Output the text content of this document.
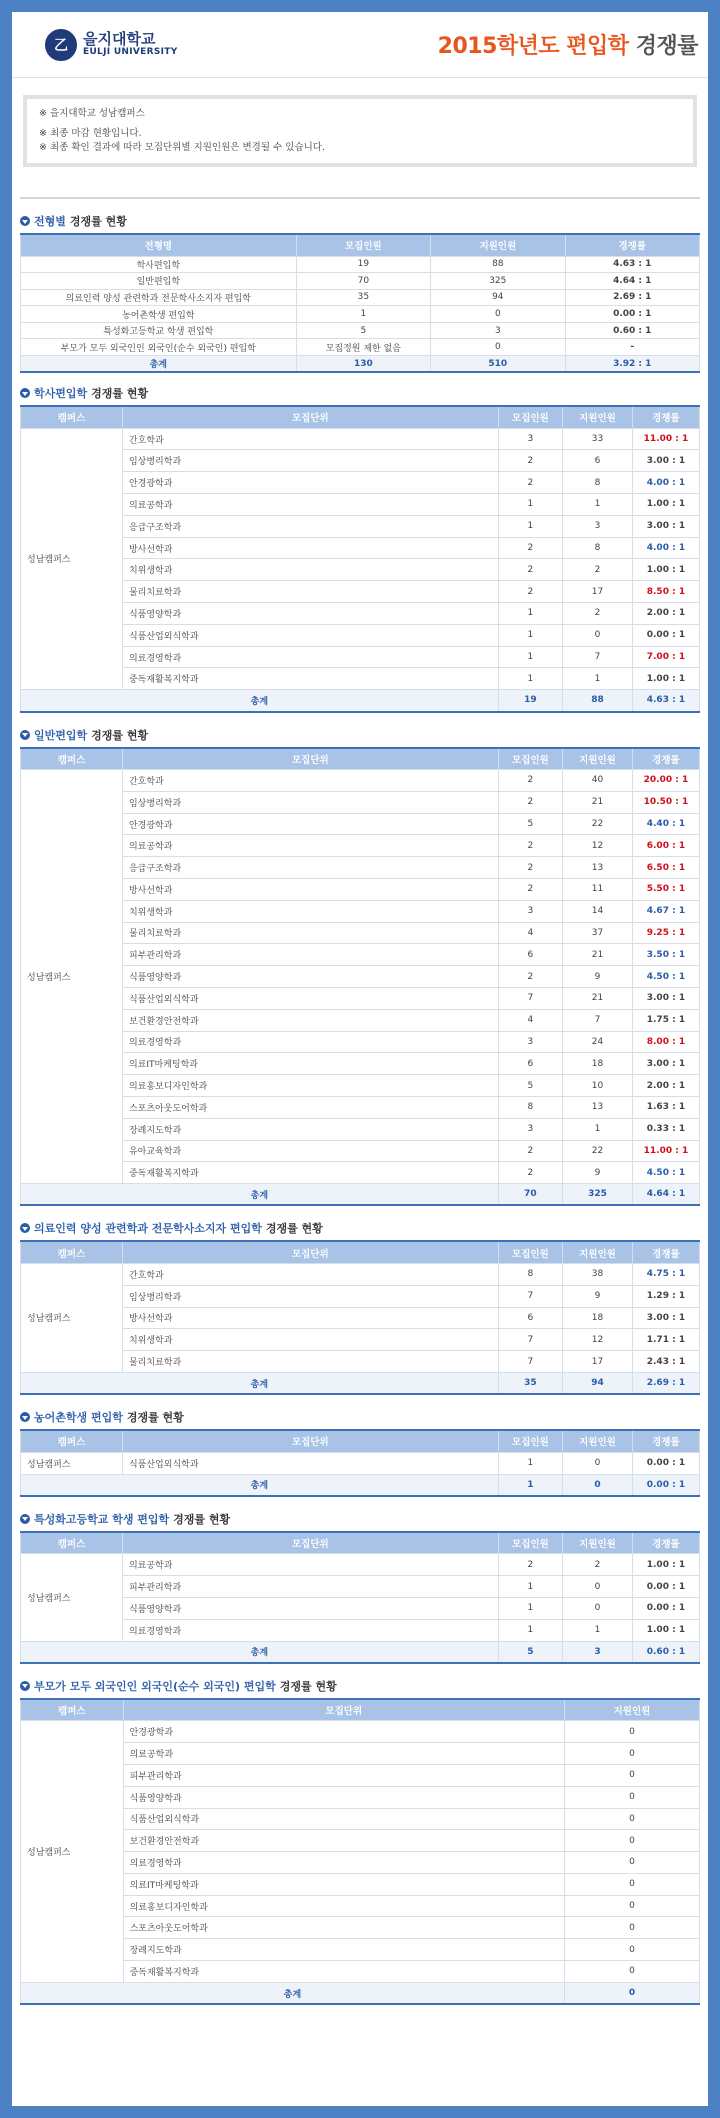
乙	을지대학교
EULJI UNIVERSITY	2015학년도 편입학 경쟁률

※ 을지대학교 성남캠퍼스

※ 최종 마감 현황입니다.

※ 최종 확인 결과에 따라 모집단위별 지원인원은 변경될 수 있습니다.

전형별 경쟁률 현황
전형명	모집인원	지원인원	경쟁률
학사편입학	19	88	4.63 : 1
일반편입학	70	325	4.64 : 1
의료인력 양성 관련학과 전문학사소지자 편입학	35	94	2.69 : 1
농어촌학생 편입학	1	0	0.00 : 1
특성화고등학교 학생 편입학	5	3	0.60 : 1
부모가 모두 외국인인 외국인(순수 외국인) 편입학	모집정원 제한 없음	0	-
총계	130	510	3.92 : 1
학사편입학 경쟁률 현황
캠퍼스	모집단위	모집인원	지원인원	경쟁률
성남캠퍼스	간호학과	3	33	11.00 : 1
	임상병리학과	2	6	3.00 : 1
	안경광학과	2	8	4.00 : 1
	의료공학과	1	1	1.00 : 1
	응급구조학과	1	3	3.00 : 1
	방사선학과	2	8	4.00 : 1
	치위생학과	2	2	1.00 : 1
	물리치료학과	2	17	8.50 : 1
	식품영양학과	1	2	2.00 : 1
	식품산업외식학과	1	0	0.00 : 1
	의료경영학과	1	7	7.00 : 1
	중독재활복지학과	1	1	1.00 : 1
총계		19	88	4.63 : 1
일반편입학 경쟁률 현황
캠퍼스	모집단위	모집인원	지원인원	경쟁률
성남캠퍼스	간호학과	2	40	20.00 : 1
	임상병리학과	2	21	10.50 : 1
	안경광학과	5	22	4.40 : 1
	의료공학과	2	12	6.00 : 1
	응급구조학과	2	13	6.50 : 1
	방사선학과	2	11	5.50 : 1
	치위생학과	3	14	4.67 : 1
	물리치료학과	4	37	9.25 : 1
	피부관리학과	6	21	3.50 : 1
	식품영양학과	2	9	4.50 : 1
	식품산업외식학과	7	21	3.00 : 1
	보건환경안전학과	4	7	1.75 : 1
	의료경영학과	3	24	8.00 : 1
	의료IT마케팅학과	6	18	3.00 : 1
	의료홍보디자인학과	5	10	2.00 : 1
	스포츠아웃도어학과	8	13	1.63 : 1
	장례지도학과	3	1	0.33 : 1
	유아교육학과	2	22	11.00 : 1
	중독재활복지학과	2	9	4.50 : 1
총계		70	325	4.64 : 1
의료인력 양성 관련학과 전문학사소지자 편입학 경쟁률 현황
캠퍼스	모집단위	모집인원	지원인원	경쟁률
성남캠퍼스	간호학과	8	38	4.75 : 1
	임상병리학과	7	9	1.29 : 1
	방사선학과	6	18	3.00 : 1
	치위생학과	7	12	1.71 : 1
	물리치료학과	7	17	2.43 : 1
총계		35	94	2.69 : 1
농어촌학생 편입학 경쟁률 현황
캠퍼스	모집단위	모집인원	지원인원	경쟁률
성남캠퍼스	식품산업외식학과	1	0	0.00 : 1
총계		1	0	0.00 : 1
특성화고등학교 학생 편입학 경쟁률 현황
캠퍼스	모집단위	모집인원	지원인원	경쟁률
성남캠퍼스	의료공학과	2	2	1.00 : 1
	피부관리학과	1	0	0.00 : 1
	식품영양학과	1	0	0.00 : 1
	의료경영학과	1	1	1.00 : 1
총계		5	3	0.60 : 1
부모가 모두 외국인인 외국인(순수 외국인) 편입학 경쟁률 현황
캠퍼스	모집단위	지원인원
성남캠퍼스	안경광학과	0
	의료공학과	0
	피부관리학과	0
	식품영양학과	0
	식품산업외식학과	0
	보건환경안전학과	0
	의료경영학과	0
	의료IT마케팅학과	0
	의료홍보디자인학과	0
	스포츠아웃도어학과	0
	장례지도학과	0
	중독재활복지학과	0
총계		0
